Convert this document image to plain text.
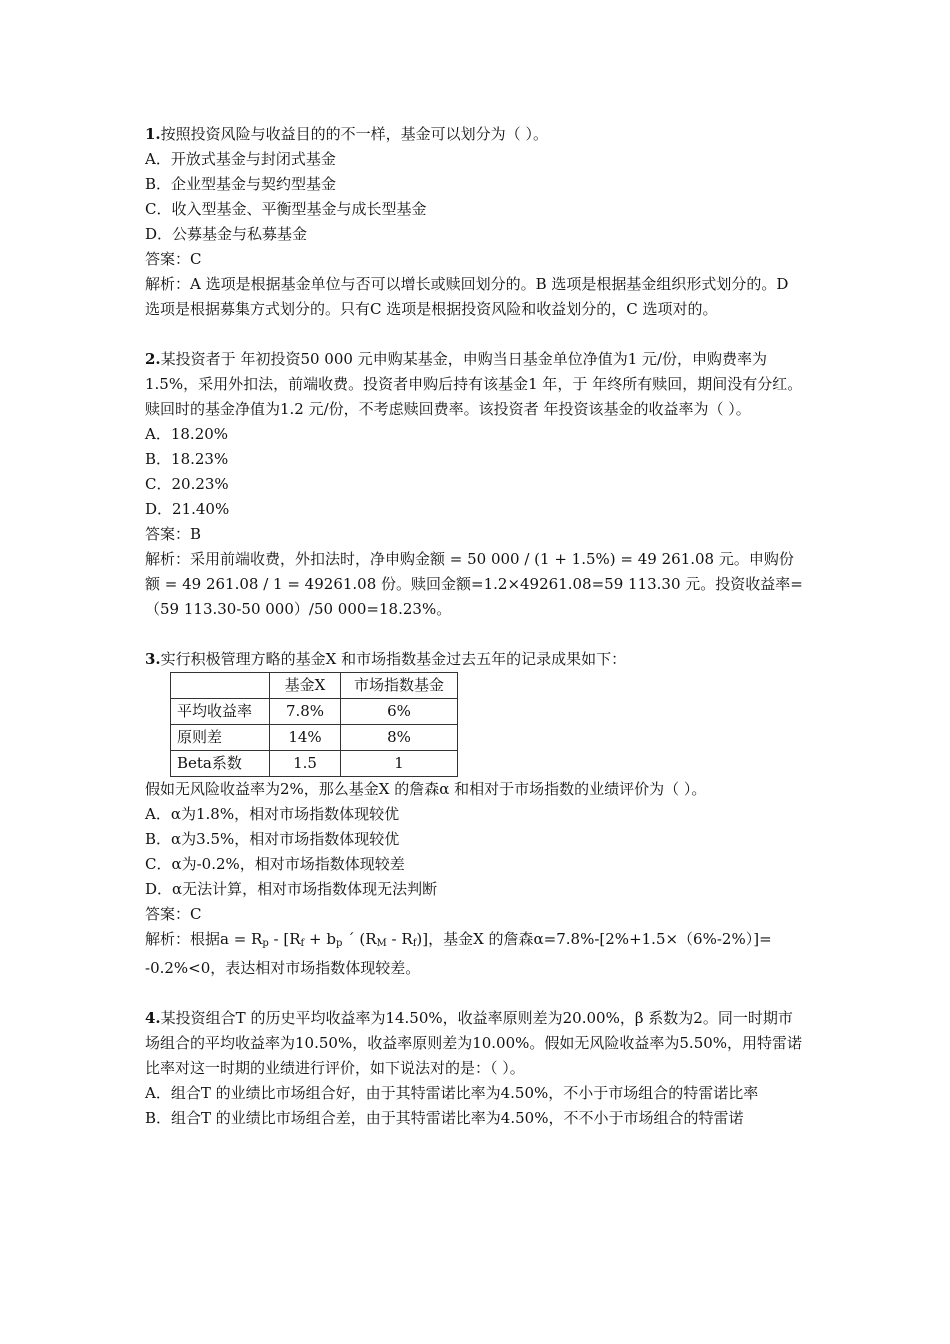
1.按照投资风险与收益目的的不一样，基金可以划分为（ ）。
A．开放式基金与封闭式基金
B．企业型基金与契约型基金
C．收入型基金、平衡型基金与成长型基金
D．公募基金与私募基金
答案：C
解析：A 选项是根据基金单位与否可以增长或赎回划分的。B 选项是根据基金组织形式划分的。D 选项是根据募集方式划分的。只有C 选项是根据投资风险和收益划分的，C 选项对的。
2.某投资者于 年初投资50 000 元申购某基金，申购当日基金单位净值为1 元/份，申购费率为1.5%，采用外扣法，前端收费。投资者申购后持有该基金1 年，于 年终所有赎回，期间没有分红。赎回时的基金净值为1.2 元/份，不考虑赎回费率。该投资者 年投资该基金的收益率为（ ）。
A．18.20%
B．18.23%
C．20.23%
D．21.40%
答案：B
解析：采用前端收费，外扣法时，净申购金额 = 50 000 / (1 + 1.5%) = 49 261.08 元。申购份额 = 49 261.08 / 1 = 49261.08 份。赎回金额=1.2×49261.08=59 113.30 元。投资收益率=（59 113.30-50 000）/50 000=18.23%。
3.实行积极管理方略的基金X 和市场指数基金过去五年的记录成果如下：
	基金X	市场指数基金
平均收益率	7.8%	6%
原则差	14%	8%
Beta系数	1.5	1
假如无风险收益率为2%，那么基金X 的詹森α 和相对于市场指数的业绩评价为（ ）。
A．α为1.8%，相对市场指数体现较优
B．α为3.5%，相对市场指数体现较优
C．α为-0.2%，相对市场指数体现较差
D．α无法计算，相对市场指数体现无法判断
答案：C
解析：根据$a = R_p - [R_f + b_p$ ´ $(R_M - R_f)$]，基金X 的詹森α=7.8%-[2%+1.5×（6%-2%）]= -0.2%<0，表达相对市场指数体现较差。
4.某投资组合T 的历史平均收益率为14.50%，收益率原则差为20.00%，β 系数为2。同一时期市场组合的平均收益率为10.50%，收益率原则差为10.00%。假如无风险收益率为5.50%，用特雷诺比率对这一时期的业绩进行评价，如下说法对的是：（ ）。
A．组合T 的业绩比市场组合好，由于其特雷诺比率为4.50%，不小于市场组合的特雷诺比率
B．组合T 的业绩比市场组合差，由于其特雷诺比率为4.50%，不不小于市场组合的特雷诺
